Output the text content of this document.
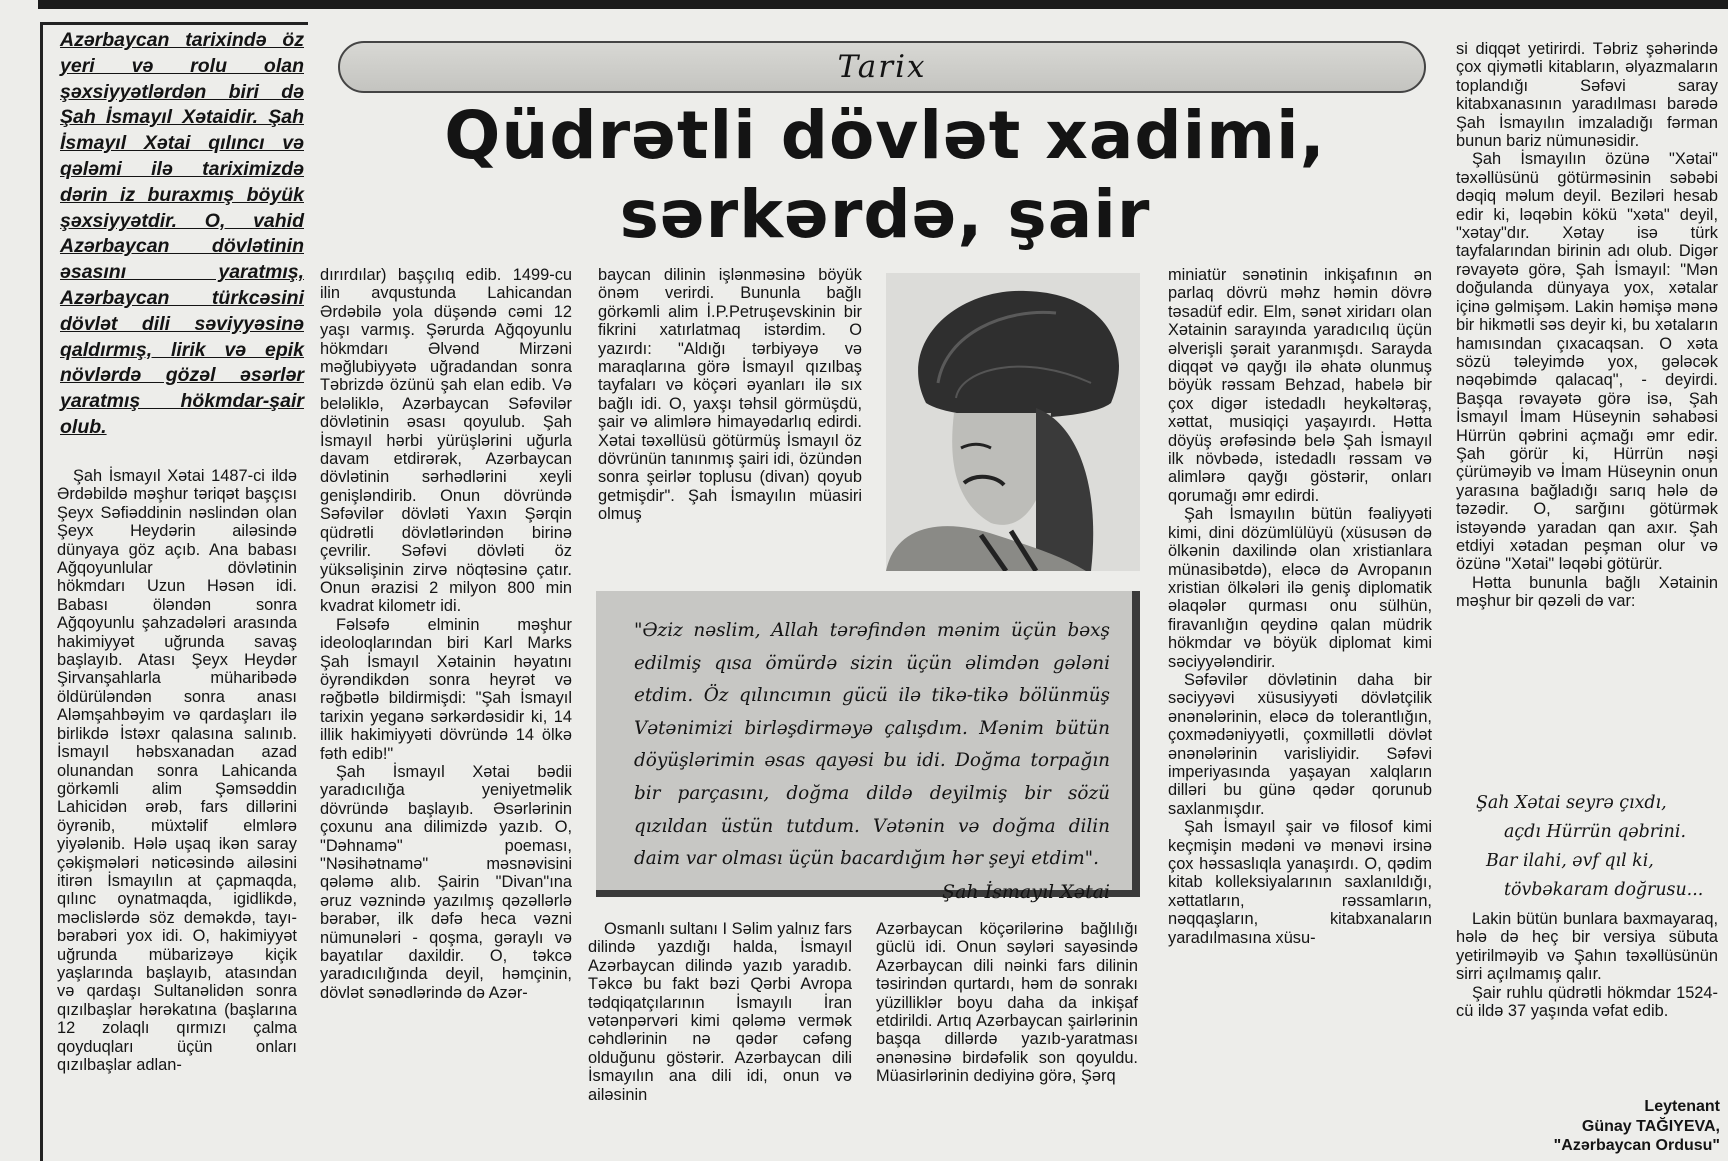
Azərbaycan tarixində öz yeri və rolu olan şəxsiyyətlərdən biri də Şah İsmayıl Xətaidir. Şah İsmayıl Xətai qılıncı və qələmi ilə tariximizdə dərin iz buraxmış böyük şəxsiyyətdir. O, vahid Azərbaycan dövlətinin əsasını yaratmış, Azərbaycan türkcəsini dövlət dili səviyyəsinə qaldırmış, lirik və epik növlərdə gözəl əsərlər yaratmış hökmdar-şair olub.

Tarix
Qüdrətli dövlət xadimi,
sərkərdə, şair

Şah İsmayıl Xətai 1487-ci ildə Ərdəbildə məşhur təriqət başçısı Şeyx Səfiəddinin nəslindən olan Şeyx Heydərin ailəsində dünyaya göz açıb. Ana babası Ağqoyunlular dövlətinin hökmdarı Uzun Həsən idi. Babası öləndən sonra Ağqoyunlu şahzadələri arasında hakimiyyət uğrunda savaş başlayıb. Atası Şeyx Heydər Şirvanşahlarla müharibədə öldürüləndən sonra anası Aləmşahbəyim və qardaşları ilə birlikdə İstəxr qalasına salınıb. İsmayıl həbsxanadan azad olunandan sonra Lahicanda görkəmli alim Şəmsəddin Lahicidən ərəb, fars dillərini öyrənib, müxtəlif elmlərə yiyələnib. Hələ uşaq ikən saray çəkişmələri nəticəsində ailəsini itirən İsmayılın at çapmaqda, qılınc oynatmaqda, igidlikdə, məclislərdə söz deməkdə, tayı-bərabəri yox idi. O, hakimiyyət uğrunda mübarizəyə kiçik yaşlarında başlayıb, atasından və qardaşı Sultanəlidən sonra qızılbaşlar hərəkatına (başlarına 12 zolaqlı qırmızı çalma qoyduqları üçün onları qızılbaşlar adlan-

dırırdılar) başçılıq edib. 1499-cu ilin avqustunda Lahicandan Ərdəbilə yola düşəndə cəmi 12 yaşı varmış. Şərurda Ağqoyunlu hökmdarı Əlvənd Mirzəni məğlubiyyətə uğradandan sonra Təbrizdə özünü şah elan edib. Və beləliklə, Azərbaycan Səfəvilər dövlətinin əsası qoyulub. Şah İsmayıl hərbi yürüşlərini uğurla davam etdirərək, Azərbaycan dövlətinin sərhədlərini xeyli genişləndirib. Onun dövründə Səfəvilər dövləti Yaxın Şərqin qüdrətli dövlətlərindən birinə çevrilir. Səfəvi dövləti öz yüksəlişinin zirvə nöqtəsinə çatır. Onun ərazisi 2 milyon 800 min kvadrat kilometr idi.

Fəlsəfə elminin məşhur ideoloqlarından biri Karl Marks Şah İsmayıl Xətainin həyatını öyrəndikdən sonra heyrət və rəğbətlə bildirmişdi: "Şah İsmayıl tarixin yeganə sərkərdəsidir ki, 14 illik hakimiyyəti dövründə 14 ölkə fəth edib!"

Şah İsmayıl Xətai bədii yaradıcılığa yeniyetməlik dövründə başlayıb. Əsərlərinin çoxunu ana dilimizdə yazıb. O, "Dəhnamə" poeması, "Nəsihətnamə" məsnəvisini qələmə alıb. Şairin "Divan"ına əruz vəznində yazılmış qəzəllərlə bərabər, ilk dəfə heca vəzni nümunələri - qoşma, gəraylı və bayatılar daxildir. O, təkcə yaradıcılığında deyil, həmçinin, dövlət sənədlərində də Azər-

baycan dilinin işlənməsinə böyük önəm verirdi. Bununla bağlı görkəmli alim İ.P.Petruşevskinin bir fikrini xatırlatmaq istərdim. O yazırdı: "Aldığı tərbiyəyə və maraqlarına görə İsmayıl qızılbaş tayfaları və köçəri əyanları ilə sıx bağlı idi. O, yaxşı təhsil görmüşdü, şair və alimlərə himayədarlıq edirdi. Xətai təxəllüsü götürmüş İsmayıl öz dövrünün tanınmış şairi idi, özündən sonra şeirlər toplusu (divan) qoyub getmişdir". Şah İsmayılın müasiri olmuş

"Əziz nəslim, Allah tərəfindən mənim üçün bəxş edilmiş qısa ömürdə sizin üçün əlimdən gələni etdim. Öz qılıncımın gücü ilə tikə-tikə bölünmüş Vətənimizi birləşdirməyə çalışdım. Mənim bütün döyüşlərimin əsas qayəsi bu idi. Doğma torpağın bir parçasını, doğma dildə deyilmiş bir sözü qızıldan üstün tutdum. Vətənin və doğma dilin daim var olması üçün bacardığım hər şeyi etdim".

Şah İsmayıl Xətai

Osmanlı sultanı I Səlim yalnız fars dilində yazdığı halda, İsmayıl Azərbaycan dilində yazıb yaradıb. Təkcə bu fakt bəzi Qərbi Avropa tədqiqatçılarının İsmayılı İran vətənpərvəri kimi qələmə vermək cəhdlərinin nə qədər cəfəng olduğunu göstərir. Azərbaycan dili İsmayılın ana dili idi, onun və ailəsinin

Azərbaycan köçərilərinə bağlılığı güclü idi. Onun səyləri sayəsində Azərbaycan dili nəinki fars dilinin təsirindən qurtardı, həm də sonrakı yüzilliklər boyu daha da inkişaf etdirildi. Artıq Azərbaycan şairlərinin başqa dillərdə yazıb-yaratması ənənəsinə birdəfəlik son qoyuldu. Müasirlərinin dediyinə görə, Şərq

miniatür sənətinin inkişafının ən parlaq dövrü məhz həmin dövrə təsadüf edir. Elm, sənət xiridarı olan Xətainin sarayında yaradıcılıq üçün əlverişli şərait yaranmışdı. Sarayda diqqət və qayğı ilə əhatə olunmuş böyük rəssam Behzad, habelə bir çox digər istedadlı heykəltəraş, xəttat, musiqiçi yaşayırdı. Hətta döyüş ərəfəsində belə Şah İsmayıl ilk növbədə, istedadlı rəssam və alimlərə qayğı göstərir, onları qorumağı əmr edirdi.

Şah İsmayılın bütün fəaliyyəti kimi, dini dözümlülüyü (xüsusən də ölkənin daxilində olan xristianlara münasibətdə), eləcə də Avropanın xristian ölkələri ilə geniş diplomatik əlaqələr qurması onu sülhün, firavanlığın qeydinə qalan müdrik hökmdar və böyük diplomat kimi səciyyələndirir.

Səfəvilər dövlətinin daha bir səciyyəvi xüsusiyyəti dövlətçilik ənənələrinin, eləcə də tolerantlığın, çoxmədəniyyətli, çoxmillətli dövlət ənənələrinin varisliyidir. Səfəvi imperiyasında yaşayan xalqların dilləri bu günə qədər qorunub saxlanmışdır.

Şah İsmayıl şair və filosof kimi keçmişin mədəni və mənəvi irsinə çox həssaslıqla yanaşırdı. O, qədim kitab kolleksiyalarının saxlanıldığı, xəttatların, rəssamların, nəqqaşların, kitabxanaların yaradılmasına xüsu-

si diqqət yetirirdi. Təbriz şəhərində çox qiymətli kitabların, əlyazmaların toplandığı Səfəvi saray kitabxanasının yaradılması barədə Şah İsmayılın imzaladığı fərman bunun bariz nümunəsidir.

Şah İsmayılın özünə "Xətai" təxəllüsünü götürməsinin səbəbi dəqiq məlum deyil. Beziləri hesab edir ki, ləqəbin kökü "xəta" deyil, "xətay"dır. Xətay isə türk tayfalarından birinin adı olub. Digər rəvayətə görə, Şah İsmayıl: "Mən doğulanda dünyaya yox, xətalar içinə gəlmişəm. Lakin həmişə mənə bir hikmətli səs deyir ki, bu xətaların hamısından çıxacaqsan. O xəta sözü təleyimdə yox, gələcək nəqəbimdə qalacaq", - deyirdi. Başqa rəvayətə görə isə, Şah İsmayıl İmam Hüseynin səhabəsi Hürrün qəbrini açmağı əmr edir. Şah görür ki, Hürrün nəşi çürüməyib və İmam Hüseynin onun yarasına bağladığı sarıq hələ də təzədir. O, sarğını götürmək istəyəndə yaradan qan axır. Şah etdiyi xətadan peşman olur və özünə "Xətai" ləqəbi götürür.

Hətta bununla bağlı Xətainin məşhur bir qəzəli də var:

Şah Xətai seyrə çıxdı,
açdı Hürrün qəbrini.
Bar ilahi, əvf qıl ki,
tövbəkaram doğrusu...

Lakin bütün bunlara baxmayaraq, hələ də heç bir versiya sübuta yetirilməyib və Şahın təxəllüsünün sirri açılmamış qalır.

Şair ruhlu qüdrətli hökmdar 1524-cü ildə 37 yaşında vəfat edib.

Leytenant
Günay TAĞIYEVA,
"Azərbaycan Ordusu"
